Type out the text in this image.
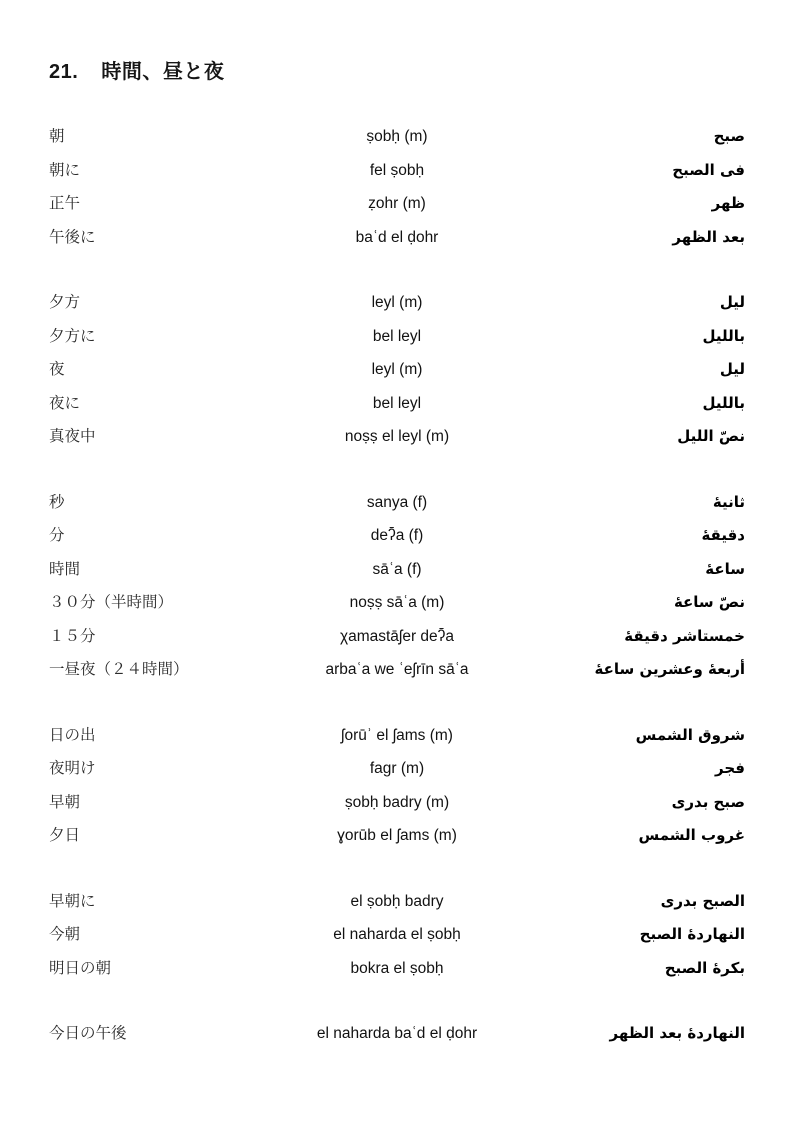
21. 時間、昼と夜
朝	ṣobḥ (m)	صبح
朝に	fel ṣobḥ	فى الصبح
正午	ẓohr (m)	ظهر
午後に	baʿd el ḍohr	بعد الظهر
夕方	leyl (m)	ليل
夕方に	bel leyl	بالليل
夜	leyl (m)	ليل
夜に	bel leyl	بالليل
真夜中	noṣṣ el leyl (m)	نصّ الليل
秒	sanya (f)	ثانيۀ
分	deʔ̄a (f)	دقيقۀ
時間	sāʿa (f)	ساعۀ
３０分（半時間）	noṣṣ sāʿa (m)	نصّ ساعۀ
１５分	χamastāʃer deʔ̄a	خمستاشر دقيقۀ
一昼夜（２４時間）	arbaʿa we ʿeʃrīn sāʿa	أربعۀ وعشرين ساعۀ
日の出	ʃorūʾ el ʃams (m)	شروق الشمس
夜明け	fagr (m)	فجر
早朝	ṣobḥ badry (m)	صبح بدرى
夕日	ɣorūb el ʃams (m)	غروب الشمس
早朝に	el ṣobḥ badry	الصبح بدرى
今朝	el naharda el ṣobḥ	النهاردۀ الصبح
明日の朝	bokra el ṣobḥ	بكرۀ الصبح
今日の午後	el naharda baʿd el ḍohr	النهاردۀ بعد الظهر
